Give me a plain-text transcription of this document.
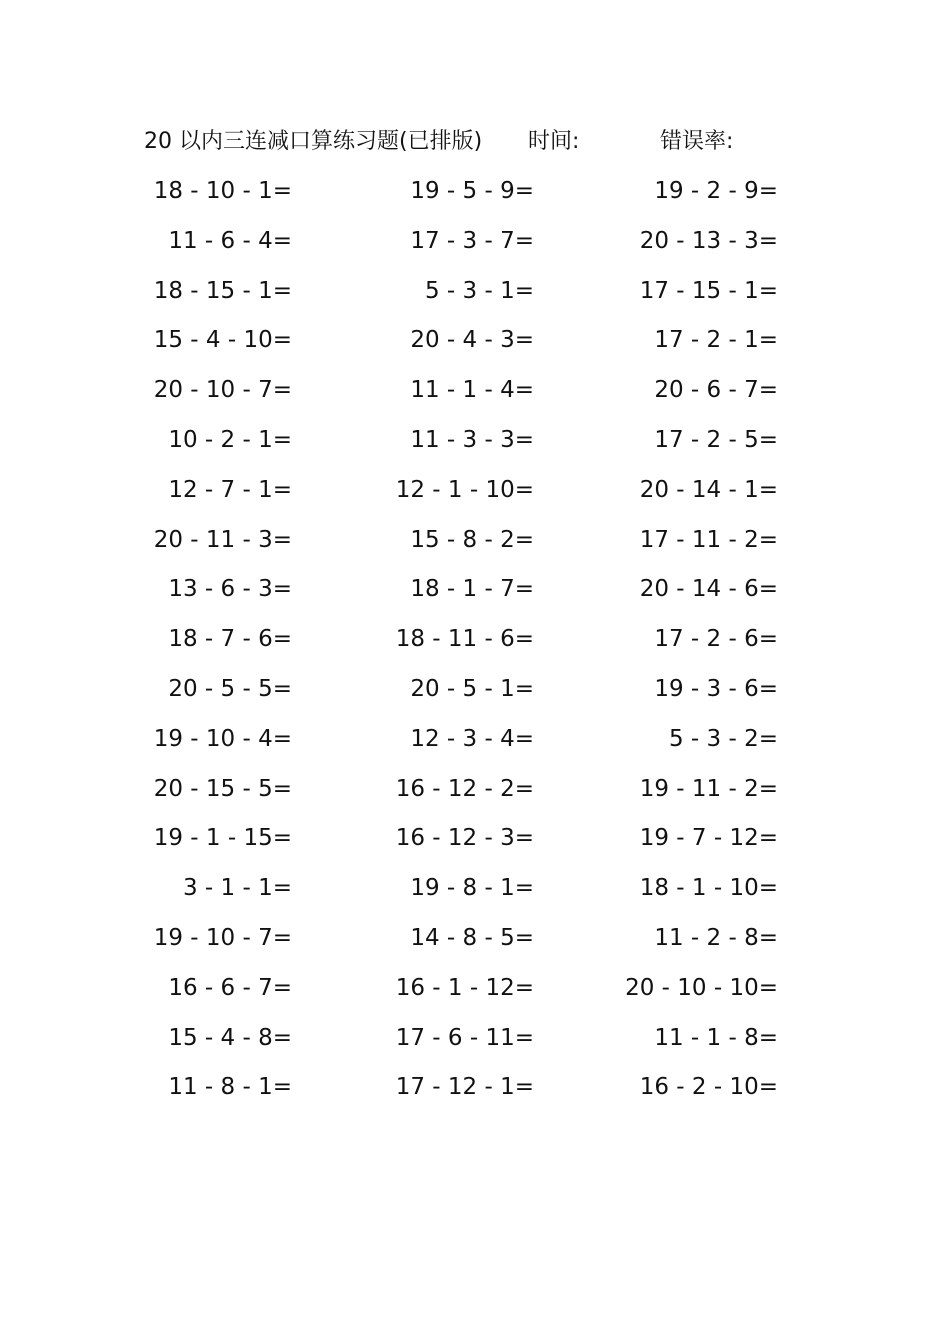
20 以内三连减口算练习题(已排版) 时间:	错误率:
18 - 10 - 1=	19 - 5 - 9=	19 - 2 - 9=
11 - 6 - 4=	17 - 3 - 7=	20 - 13 - 3=
18 - 15 - 1=	5 - 3 - 1=	17 - 15 - 1=
15 - 4 - 10=	20 - 4 - 3=	17 - 2 - 1=
20 - 10 - 7=	11 - 1 - 4=	20 - 6 - 7=
10 - 2 - 1=	11 - 3 - 3=	17 - 2 - 5=
12 - 7 - 1=	12 - 1 - 10=	20 - 14 - 1=
20 - 11 - 3=	15 - 8 - 2=	17 - 11 - 2=
13 - 6 - 3=	18 - 1 - 7=	20 - 14 - 6=
18 - 7 - 6=	18 - 11 - 6=	17 - 2 - 6=
20 - 5 - 5=	20 - 5 - 1=	19 - 3 - 6=
19 - 10 - 4=	12 - 3 - 4=	5 - 3 - 2=
20 - 15 - 5=	16 - 12 - 2=	19 - 11 - 2=
19 - 1 - 15=	16 - 12 - 3=	19 - 7 - 12=
3 - 1 - 1=	19 - 8 - 1=	18 - 1 - 10=
19 - 10 - 7=	14 - 8 - 5=	11 - 2 - 8=
16 - 6 - 7=	16 - 1 - 12=	20 - 10 - 10=
15 - 4 - 8=	17 - 6 - 11=	11 - 1 - 8=
11 - 8 - 1=	17 - 12 - 1=	16 - 2 - 10=
